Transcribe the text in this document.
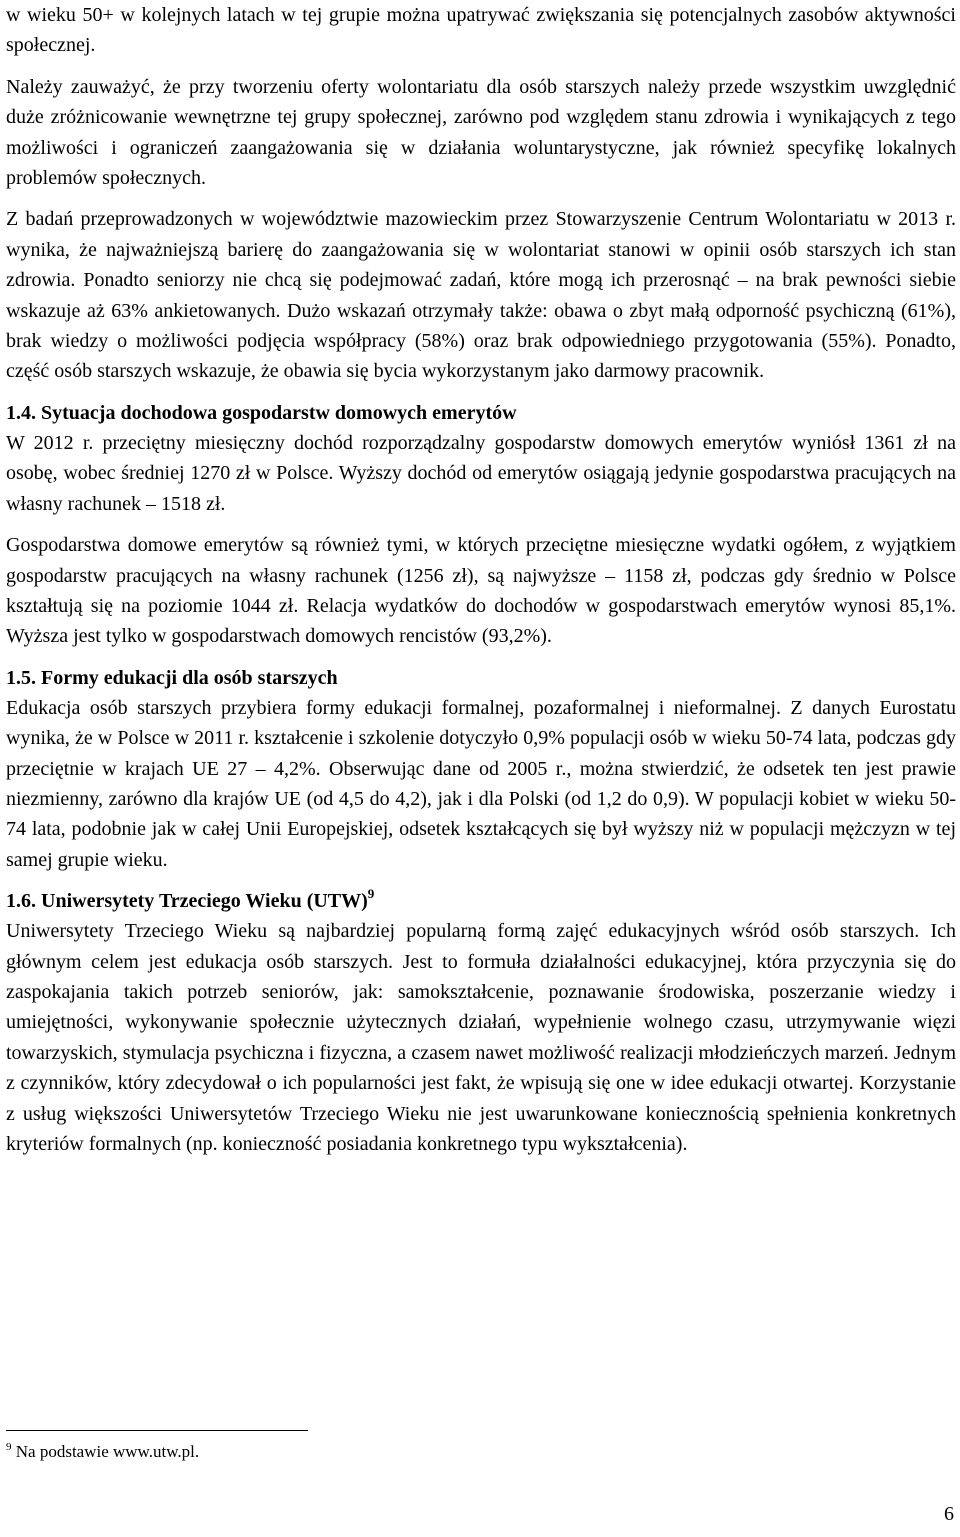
w wieku 50+ w kolejnych latach w tej grupie można upatrywać zwiększania się potencjalnych zasobów aktywności społecznej.

Należy zauważyć, że przy tworzeniu oferty wolontariatu dla osób starszych należy przede wszystkim uwzględnić duże zróżnicowanie wewnętrzne tej grupy społecznej, zarówno pod względem stanu zdrowia i wynikających z tego możliwości i ograniczeń zaangażowania się w działania woluntarystyczne, jak również specyfikę lokalnych problemów społecznych.

Z badań przeprowadzonych w województwie mazowieckim przez Stowarzyszenie Centrum Wolontariatu w 2013 r. wynika, że najważniejszą barierę do zaangażowania się w wolontariat stanowi w opinii osób starszych ich stan zdrowia. Ponadto seniorzy nie chcą się podejmować zadań, które mogą ich przerosnąć – na brak pewności siebie wskazuje aż 63% ankietowanych. Dużo wskazań otrzymały także: obawa o zbyt małą odporność psychiczną (61%), brak wiedzy o możliwości podjęcia współpracy (58%) oraz brak odpowiedniego przygotowania (55%). Ponadto, część osób starszych wskazuje, że obawia się bycia wykorzystanym jako darmowy pracownik.

1.4. Sytuacja dochodowa gospodarstw domowych emerytów

W 2012 r. przeciętny miesięczny dochód rozporządzalny gospodarstw domowych emerytów wyniósł 1361 zł na osobę, wobec średniej 1270 zł w Polsce. Wyższy dochód od emerytów osiągają jedynie gospodarstwa pracujących na własny rachunek – 1518 zł.

Gospodarstwa domowe emerytów są również tymi, w których przeciętne miesięczne wydatki ogółem, z wyjątkiem gospodarstw pracujących na własny rachunek (1256 zł), są najwyższe – 1158 zł, podczas gdy średnio w Polsce kształtują się na poziomie 1044 zł. Relacja wydatków do dochodów w gospodarstwach emerytów wynosi 85,1%. Wyższa jest tylko w gospodarstwach domowych rencistów (93,2%).

1.5. Formy edukacji dla osób starszych

Edukacja osób starszych przybiera formy edukacji formalnej, pozaformalnej i nieformalnej. Z danych Eurostatu wynika, że w Polsce w 2011 r. kształcenie i szkolenie dotyczyło 0,9% populacji osób w wieku 50-74 lata, podczas gdy przeciętnie w krajach UE 27 – 4,2%. Obserwując dane od 2005 r., można stwierdzić, że odsetek ten jest prawie niezmienny, zarówno dla krajów UE (od 4,5 do 4,2), jak i dla Polski (od 1,2 do 0,9). W populacji kobiet w wieku 50-74 lata, podobnie jak w całej Unii Europejskiej, odsetek kształcących się był wyższy niż w populacji mężczyzn w tej samej grupie wieku.

1.6. Uniwersytety Trzeciego Wieku (UTW)$^9$

Uniwersytety Trzeciego Wieku są najbardziej popularną formą zajęć edukacyjnych wśród osób starszych. Ich głównym celem jest edukacja osób starszych. Jest to formuła działalności edukacyjnej, która przyczynia się do zaspokajania takich potrzeb seniorów, jak: samokształcenie, poznawanie środowiska, poszerzanie wiedzy i umiejętności, wykonywanie społecznie użytecznych działań, wypełnienie wolnego czasu, utrzymywanie więzi towarzyskich, stymulacja psychiczna i fizyczna, a czasem nawet możliwość realizacji młodzieńczych marzeń. Jednym z czynników, który zdecydował o ich popularności jest fakt, że wpisują się one w idee edukacji otwartej. Korzystanie z usług większości Uniwersytetów Trzeciego Wieku nie jest uwarunkowane koniecznością spełnienia konkretnych kryteriów formalnych (np. konieczność posiadania konkretnego typu wykształcenia).

$^9$ Na podstawie www.utw.pl.
6
